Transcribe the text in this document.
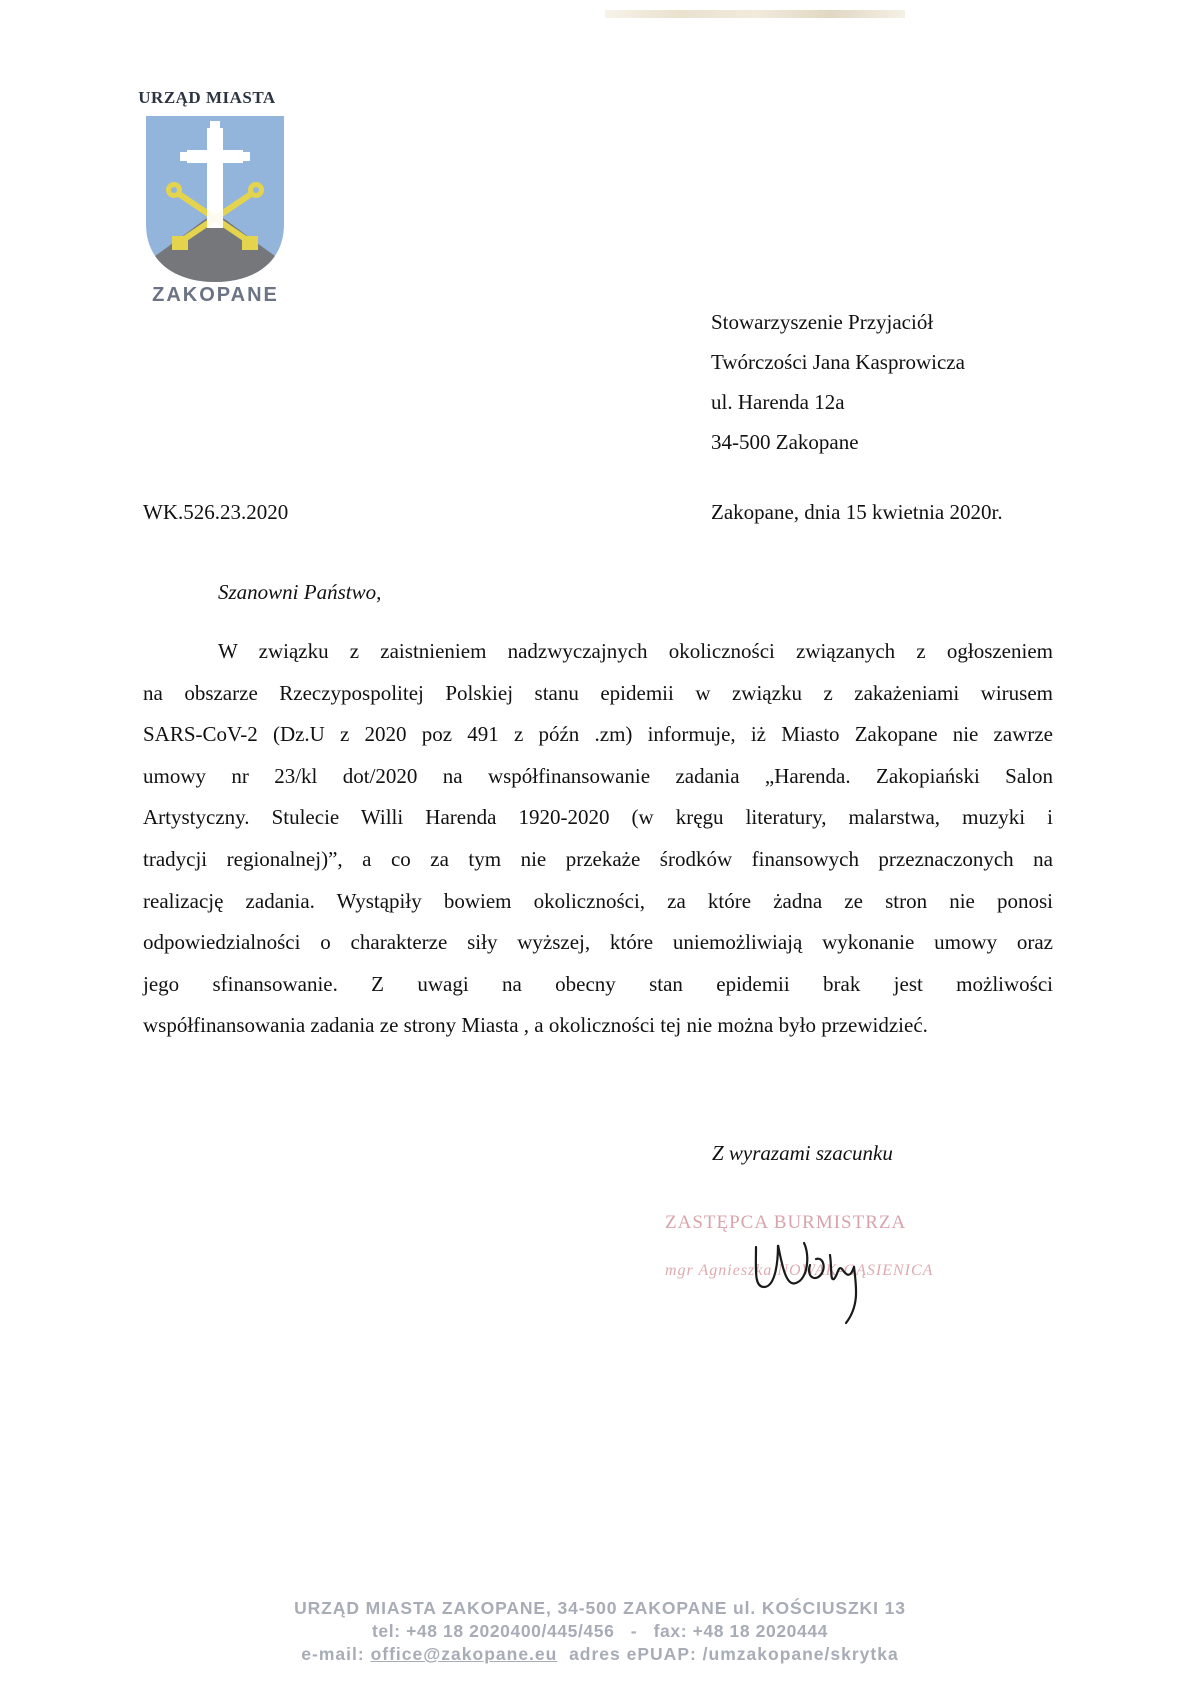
URZĄD MIASTA
ZAKOPANE
Stowarzyszenie Przyjaciół
Twórczości Jana Kasprowicza
ul. Harenda 12a
34-500 Zakopane
WK.526.23.2020	Zakopane, dnia 15 kwietnia 2020r.
Szanowni Państwo,
W związku z zaistnieniem nadzwyczajnych okoliczności związanych z ogłoszeniem
na obszarze Rzeczypospolitej Polskiej stanu epidemii w związku z zakażeniami wirusem
SARS-CoV-2 (Dz.U z 2020 poz 491 z późn .zm) informuje, iż Miasto Zakopane nie zawrze
umowy nr 23/kl dot/2020 na współfinansowanie zadania „Harenda. Zakopiański Salon
Artystyczny. Stulecie Willi Harenda 1920-2020 (w kręgu literatury, malarstwa, muzyki i
tradycji regionalnej)”, a co za tym nie przekaże środków finansowych przeznaczonych na
realizację zadania. Wystąpiły bowiem okoliczności, za które żadna ze stron nie ponosi
odpowiedzialności o charakterze siły wyższej, które uniemożliwiają wykonanie umowy oraz
jego sfinansowanie. Z uwagi na obecny stan epidemii brak jest możliwości
współfinansowania zadania ze strony Miasta , a okoliczności tej nie można było przewidzieć.
Z wyrazami szacunku
ZASTĘPCA BURMISTRZA
mgr Agnieszka NOWAK-GĄSIENICA
URZĄD MIASTA ZAKOPANE, 34-500 ZAKOPANE ul. KOŚCIUSZKI 13
tel: +48 18 2020400/445/456 - fax: +48 18 2020444
e-mail: office@zakopane.eu adres ePUAP: /umzakopane/skrytka
